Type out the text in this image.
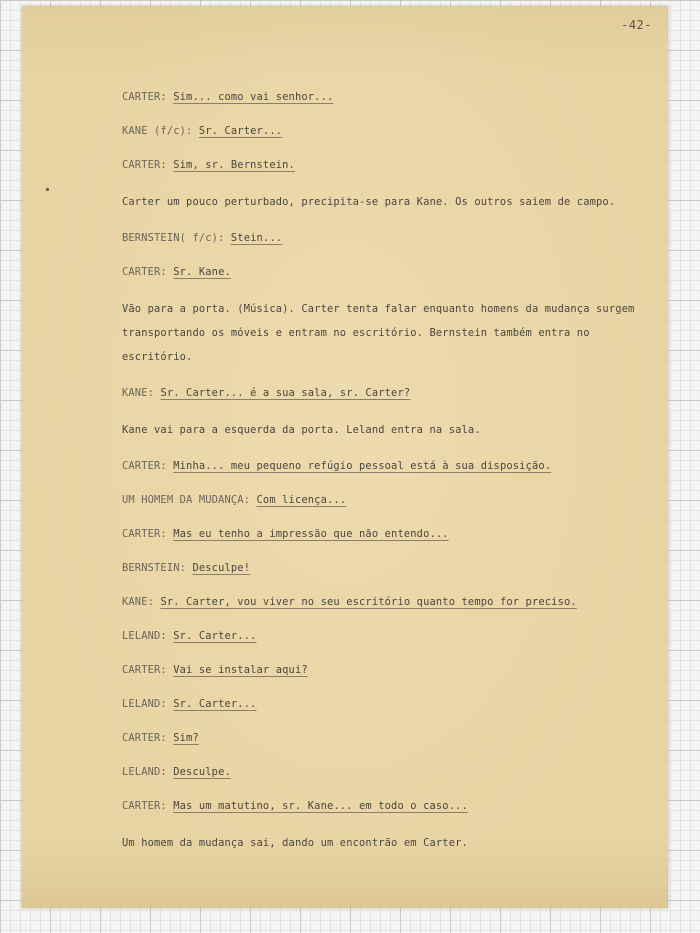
-42-
CARTER: Sim... como vai senhor...
KANE (f/c): Sr. Carter...
CARTER: Sim, sr. Bernstein.
Carter um pouco perturbado, precipita-se para Kane. Os outros saiem de campo.
BERNSTEIN( f/c): Stein...
CARTER: Sr. Kane.
Vão para a porta. (Música). Carter tenta falar enquanto homens da mudança surgem transportando os móveis e entram no escritório. Bernstein também entra no escritório.
KANE: Sr. Carter... é a sua sala, sr. Carter?
Kane vai para a esquerda da porta. Leland entra na sala.
CARTER: Minha... meu pequeno refúgio pessoal está à sua disposição.
UM HOMEM DA MUDANÇA: Com licença...
CARTER: Mas eu tenho a impressão que não entendo...
BERNSTEIN: Desculpe!
KANE: Sr. Carter, vou viver no seu escritório quanto tempo for preciso.
LELAND: Sr. Carter...
CARTER: Vai se instalar aqui?
LELAND: Sr. Carter...
CARTER: Sim?
LELAND: Desculpe.
CARTER: Mas um matutino, sr. Kane... em todo o caso...
Um homem da mudança sai, dando um encontrão em Carter.
